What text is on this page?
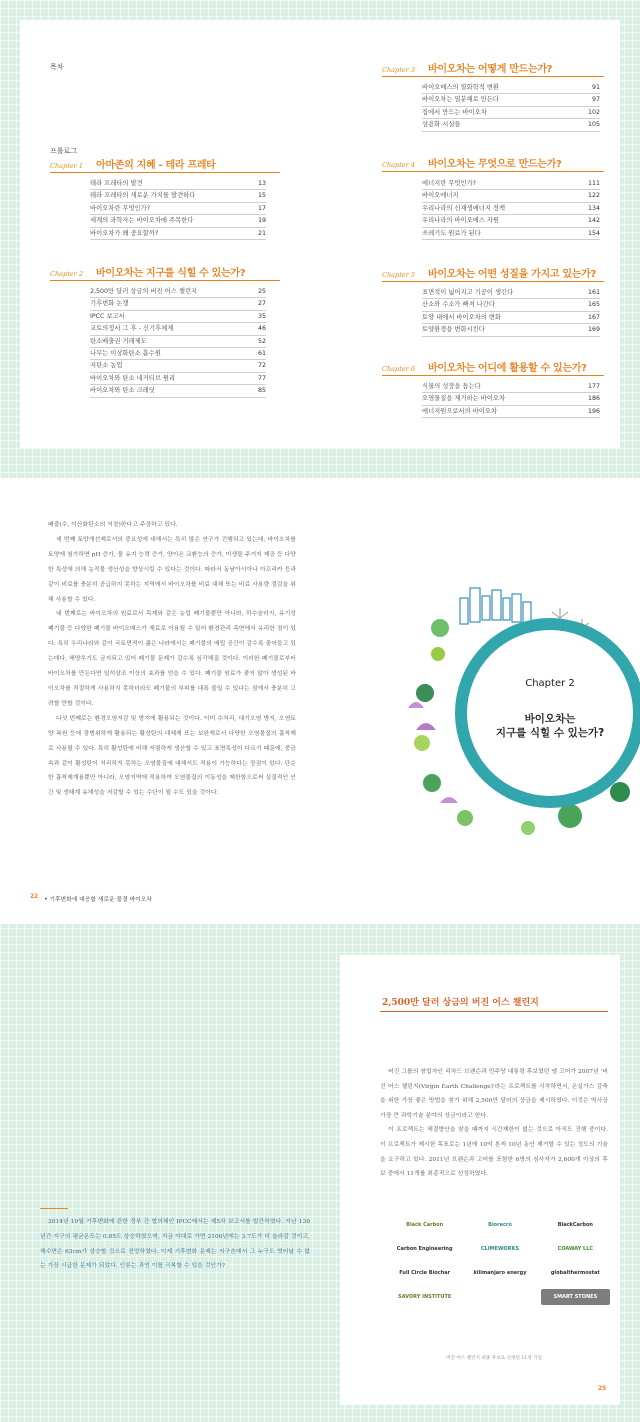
목차
프롤로그
Chapter 1	아마존의 지혜 - 테라 프레타
테라 프레타의 발견	13
테라 프레타의 새로운 가치를 발견하다	15
바이오차란 무엇인가?	17
세계의 과학자는 바이오차에 주목한다	19
바이오차가 왜 중요할까?	21
Chapter 2	바이오차는 지구를 식힐 수 있는가?
2,500만 달러 상금의 버진 어스 챌린지	25
기후변화 논쟁	27
IPCC 보고서	35
교토의정서 그 후 - 신기후체제	46
탄소배출권 거래제도	52
나무는 이상화탄소 흡수원	61
저탄소 농업	72
바이오차와 탄소 네거티브 원리	77
바이오차와 탄소 크레딧	85
Chapter 3	바이오차는 어떻게 만드는가?
바이오매스의 열화학적 변환	91
바이오차는 열분해로 만든다	97
집에서 만드는 바이오차	102
상용화 시설들	105
Chapter 4	바이오차는 무엇으로 만드는가?
에너지란 무엇인가?	111
바이오에너지	122
우리나라의 신재생에너지 정책	134
우리나라의 바이오매스 자원	142
쓰레기도 원료가 된다	154
Chapter 5	바이오차는 어떤 성질을 가지고 있는가?
표면적이 넓어지고 기공이 생긴다	161
산소와 수소가 빠져 나간다	165
토양 내에서 바이오차의 변화	167
토양환경을 변화시킨다	169
Chapter 6	바이오차는 어디에 활용할 수 있는가?
식물의 성장을 돕는다	177
오염물질을 제거하는 바이오차	186
에너지원으로서의 바이오차	196

배출(수, 이산화탄소의 저장)한다고 주장하고 있다.

세 번째 토양개선제로서의 중요성에 대해서는 특히 많은 연구가 진행되고 있는데, 바이오차를 토양에 첨가하면 pH 증가, 물 유지 능력 증가, 양이온 교환능의 증가, 미생물 주거지 제공 등 다양한 특성에 의해 농작물 생산성을 향상시킬 수 있다는 것이다. 따라서 동남아시아나 아프리카 등과 같이 비료를 충분히 공급하지 못하는 지역에서 바이오차를 비료 대체 또는 비료 사용량 절감을 위해 사용할 수 있다.

네 번째로는 바이오차의 원료로서 목재와 같은 농업 폐기물뿐만 아니라, 하수슬러지, 유기성 폐기물 등 다양한 폐기물 바이오매스가 재료로 이용될 수 있어 환경관리 측면에서 유리한 점이 있다. 특히 우리나라와 같이 국토면적이 좁은 나라에서는 폐기물의 매립 공간이 갈수록 줄어들고 있는데다, 해양투기도 금지되고 있어 폐기물 문제가 갈수록 심각해질 것이다. 이러한 폐기물로부터 바이오차를 만든다면 일석삼조 이상의 효과를 얻을 수 있다. 폐기물 원료가 좋지 않아 생성된 바이오차를 적절하게 사용하지 못하더라도 폐기물의 부피를 대폭 줄일 수 있다는 점에서 충분히 고려할 만할 것이다.

다섯 번째로는 환경오염저감 및 방지에 활용되는 것이다. 이미 수처리, 대기오염 방지, 오염토양 복원 등에 광범위하게 활용되는 활성탄의 대체재 또는 보완재로서 다양한 오염물질의 흡착제로 사용될 수 있다. 특히 활성탄에 비해 저렴하게 생산할 수 있고 표면특성이 다르기 때문에, 중금속과 같이 활성탄이 처리하지 못하는 오염물질에 대해서도 적용이 가능하다는 장점이 있다. 단순한 흡착제개용뿐만 아니라, 오염지역에 적용하여 오염물질의 이동성을 제한함으로써 실질적인 인간 및 생태계 유해성을 저감할 수 있는 수단이 될 수도 있을 것이다.

22 • 기후변화에 대응할 새로운 물결 바이오차
Chapter 2
바이오차는
지구를 식힐 수 있는가?
2,500만 달러 상금의 버진 어스 챌린지

버진 그룹의 창업자인 리차드 브랜슨과 민주당 대통령 후보였던 앨 고어가 2007년 '버진 어스 챌린지(Virgin Earth Challenge)'라는 프로젝트를 시작하면서, 온실가스 감축을 위한 가장 좋은 방법을 찾기 위해 2,500만 달러의 상금을 제시하였다. 이것은 역사상 가장 큰 과학기술 분야의 상금이라고 한다.

이 프로젝트는 해결방안을 찾을 때까지 시간제한이 없는 것으로 아직도 진행 중이다. 이 프로젝트가 제시한 목표로는 1년에 10억 톤씩 10년 동안 제거할 수 있는 정도의 기술을 요구하고 있다. 2011년 브랜슨과 고어를 포함한 6명의 심사자가 2,600개 이상의 후보 중에서 11개를 최종적으로 선정하였다.

Black Carbon	Biorecro	BlackCarbon
Carbon Engineering	CLIMEWORKS	COAWAY LLC
Full Circle Biochar	kilimanjaro energy	globalthermostat
SAVORY INSTITUTE	SMART STONES
버진 어스 챌린지 최종 후보로 선정된 11개 기업
25

2014년 10월 기후변화에 관한 정부 간 협의체인 IPCC에서는 제5차 보고서를 발간하였다. 지난 130년간 지구의 평균온도는 0.85도 상승하였으며, 지금 이대로 가면 2100년에는 3.7도가 더 올라갈 것이고, 해수면은 63cm가 상승할 것으로 전망하였다. 이제 기후변화 문제는 지구촌에서 그 누구도 벗어날 수 없는 가장 시급한 문제가 되었다. 인류는 과연 이를 극복할 수 있을 것인가?
